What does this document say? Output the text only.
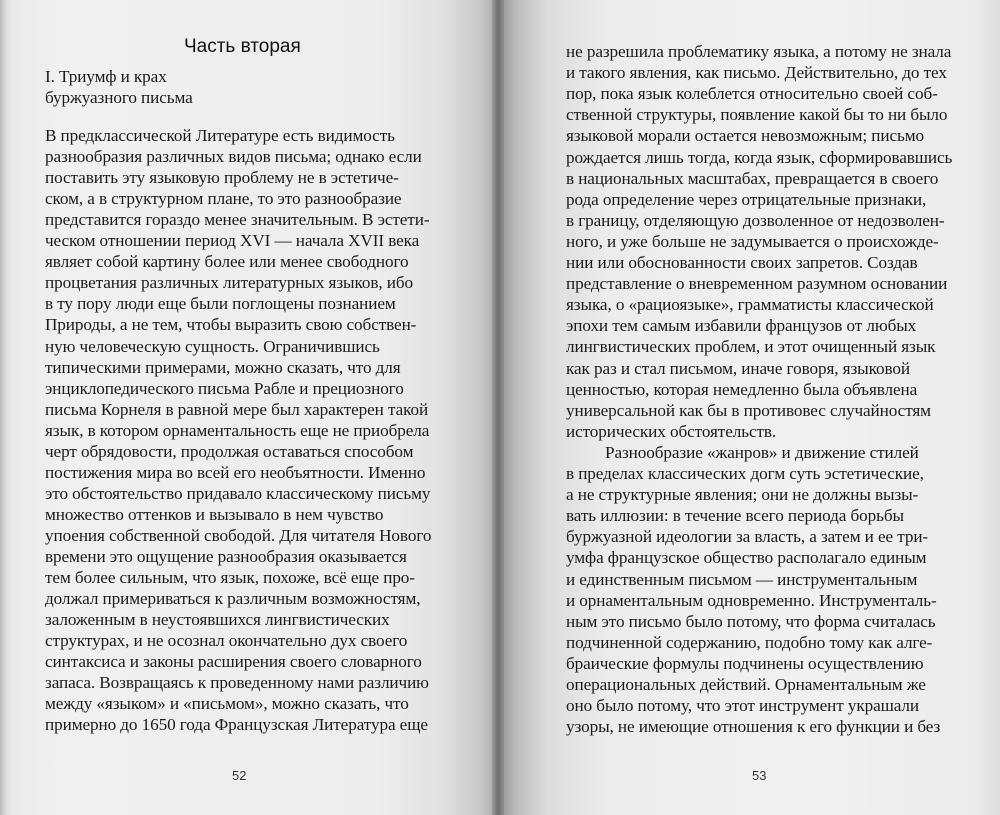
Часть вторая
I. Триумф и крах
буржуазного письма
В предклассической Литературе есть видимость
разнообразия различных видов письма; однако если
поставить эту языковую проблему не в эстетиче-
ском, а в структурном плане, то это разнообразие
представится гораздо менее значительным. В эстети-
ческом отношении период XVI — начала XVII века
являет собой картину более или менее свободного
процветания различных литературных языков, ибо
в ту пору люди еще были поглощены познанием
Природы, а не тем, чтобы выразить свою собствен-
ную человеческую сущность. Ограничившись
типическими примерами, можно сказать, что для
энциклопедического письма Рабле и прециозного
письма Корнеля в равной мере был характерен такой
язык, в котором орнаментальность еще не приобрела
черт обрядовости, продолжая оставаться способом
постижения мира во всей его необъятности. Именно
это обстоятельство придавало классическому письму
множество оттенков и вызывало в нем чувство
упоения собственной свободой. Для читателя Нового
времени это ощущение разнообразия оказывается
тем более сильным, что язык, похоже, всё еще про-
должал примериваться к различным возможностям,
заложенным в неустоявшихся лингвистических
структурах, и не осознал окончательно дух своего
синтаксиса и законы расширения своего словарного
запаса. Возвращаясь к проведенному нами различию
между «языком» и «письмом», можно сказать, что
примерно до 1650 года Французская Литература еще
не разрешила проблематику языка, а потому не знала
и такого явления, как письмо. Действительно, до тех
пор, пока язык колеблется относительно своей соб-
ственной структуры, появление какой бы то ни было
языковой морали остается невозможным; письмо
рождается лишь тогда, когда язык, сформировавшись
в национальных масштабах, превращается в своего
рода определение через отрицательные признаки,
в границу, отделяющую дозволенное от недозволен-
ного, и уже больше не задумывается о происхожде-
нии или обоснованности своих запретов. Создав
представление о вневременном разумном основании
языка, о «рациоязыке», грамматисты классической
эпохи тем самым избавили французов от любых
лингвистических проблем, и этот очищенный язык
как раз и стал письмом, иначе говоря, языковой
ценностью, которая немедленно была объявлена
универсальной как бы в противовес случайностям
исторических обстоятельств.
Разнообразие «жанров» и движение стилей
в пределах классических догм суть эстетические,
а не структурные явления; они не должны вызы-
вать иллюзии: в течение всего периода борьбы
буржуазной идеологии за власть, а затем и ее три-
умфа французское общество располагало единым
и единственным письмом — инструментальным
и орнаментальным одновременно. Инструменталь-
ным это письмо было потому, что форма считалась
подчиненной содержанию, подобно тому как алге-
браические формулы подчинены осуществлению
операциональных действий. Орнаментальным же
оно было потому, что этот инструмент украшали
узоры, не имеющие отношения к его функции и без
52	53
